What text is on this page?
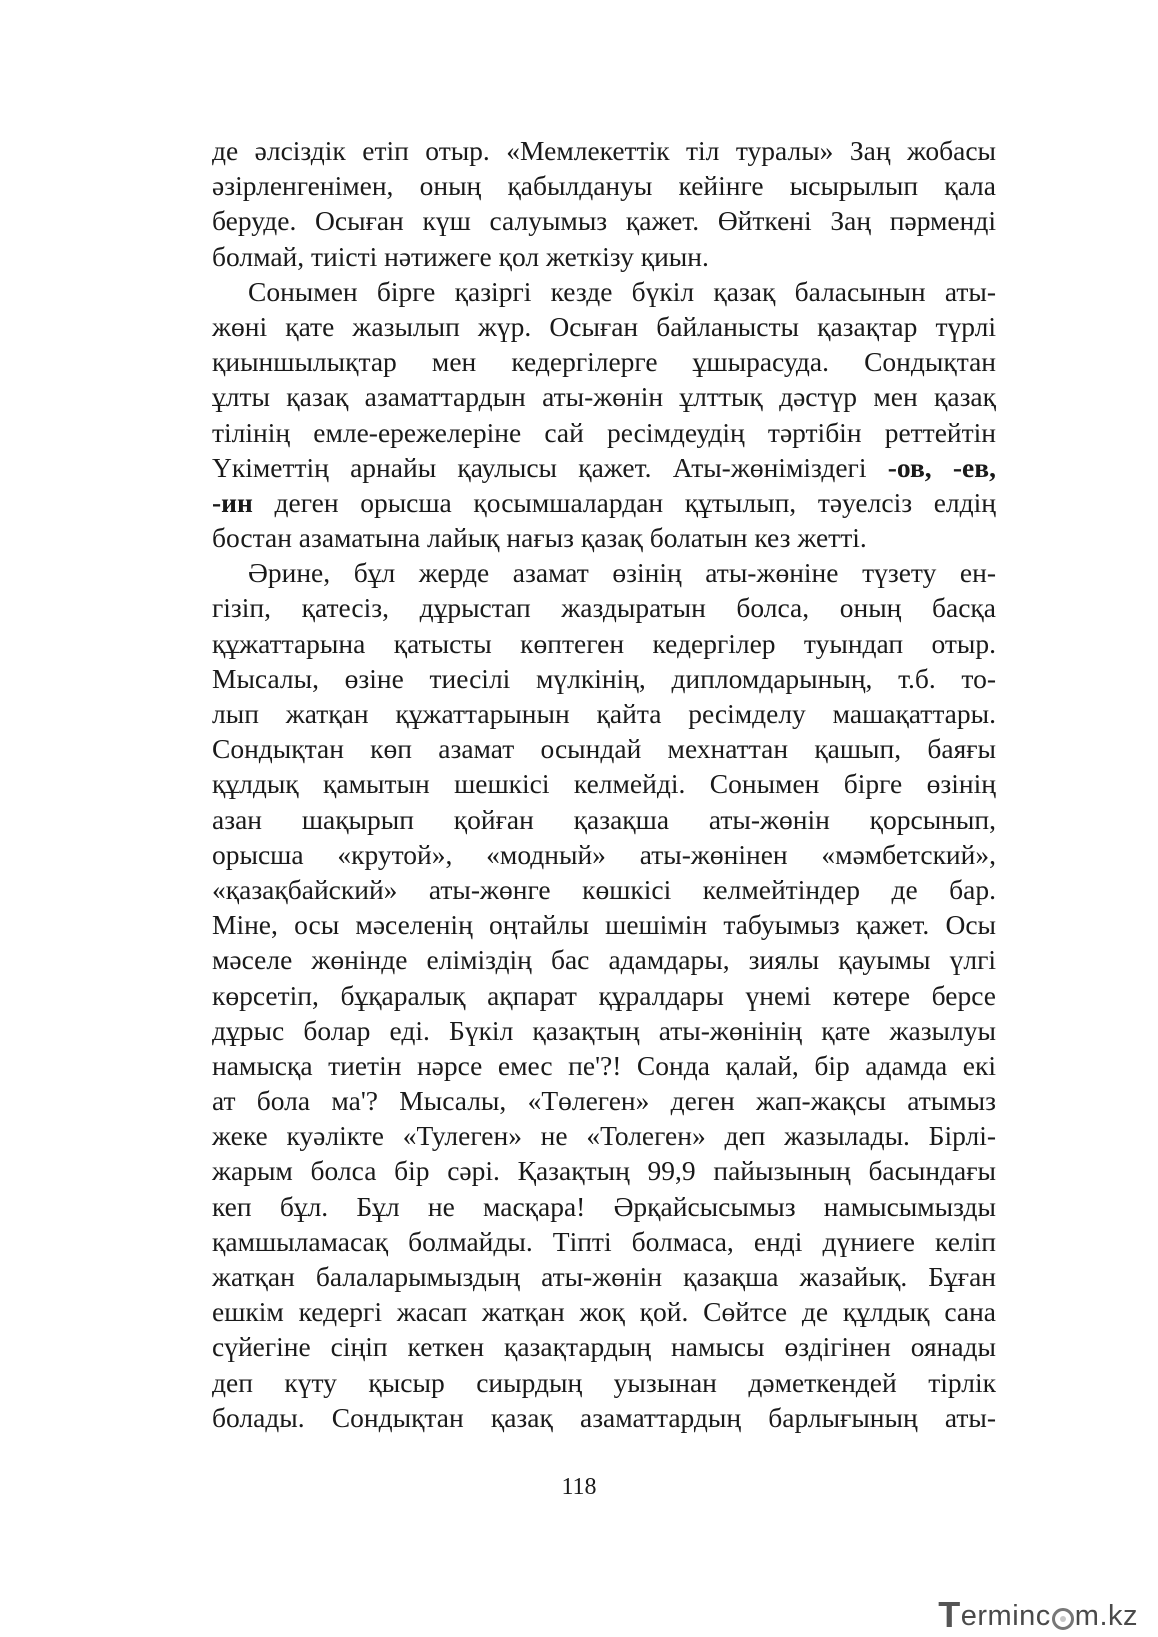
де әлсіздік етіп отыр. «Мемлекеттік тіл туралы» Заң жобасы
әзірленгенімен, оның қабылдануы кейінге ысырылып қала
беруде. Осыған күш салуымыз қажет. Өйткені Заң пәрменді
болмай, тиісті нәтижеге қол жеткізу қиын.
Сонымен бірге қазіргі кезде бүкіл қазақ баласынын аты-
жөні қате жазылып жүр. Осыған байланысты қазақтар түрлі
қиыншылықтар мен кедергілерге ұшырасуда. Сондықтан
ұлты қазақ азаматтардын аты-жөнін ұлттық дәстүр мен қазақ
тілінің емле-ережелеріне сай ресімдеудің тәртібін реттейтін
Үкіметтің арнайы қаулысы қажет. Аты-жөніміздегі -ов, -ев,
-ин деген орысша қосымшалардан құтылып, тәуелсіз елдің
бостан азаматына лайық нағыз қазақ болатын кез жетті.
Әрине, бұл жерде азамат өзінің аты-жөніне түзету ен-
гізіп, қатесіз, дұрыстап жаздыратын болса, оның басқа
құжаттарына қатысты көптеген кедергілер туындап отыр.
Мысалы, өзіне тиесілі мүлкінің, дипломдарының, т.б. то-
лып жатқан құжаттарынын қайта ресімделу машақаттары.
Сондықтан көп азамат осындай мехнаттан қашып, баяғы
құлдық қамытын шешкісі келмейді. Сонымен бірге өзінің
азан шақырып қойған қазақша аты-жөнін қорсынып,
орысша «крутой», «модный» аты-жөнінен «мәмбетский»,
«қазақбайский» аты-жөнге көшкісі келмейтіндер де бар.
Міне, осы мәселенің оңтайлы шешімін табуымыз қажет. Осы
мәселе жөнінде еліміздің бас адамдары, зиялы қауымы үлгі
көрсетіп, бұқаралық ақпарат құралдары үнемі көтере берсе
дұрыс болар еді. Бүкіл қазақтың аты-жөнінің қате жазылуы
намысқа тиетін нәрсе емес пе'?! Сонда қалай, бір адамда екі
ат бола ма'? Мысалы, «Төлеген» деген жап-жақсы атымыз
жеке куәлікте «Тулеген» не «Толеген» деп жазылады. Бірлі-
жарым болса бір сәрі. Қазақтың 99,9 пайызының басындағы
кеп бұл. Бұл не масқара! Әрқайсысымыз намысымызды
қамшыламасақ болмайды. Тіпті болмаса, енді дүниеге келіп
жатқан балаларымыздың аты-жөнін қазақша жазайық. Бұған
ешкім кедергі жасап жатқан жоқ қой. Сөйтсе де құлдық сана
сүйегіне сіңіп кеткен қазақтардың намысы өздігінен оянады
деп күту қысыр сиырдың уызынан дәметкендей тірлік
болады. Сондықтан қазақ азаматтардың барлығының аты-
118
T erminc m.kz
